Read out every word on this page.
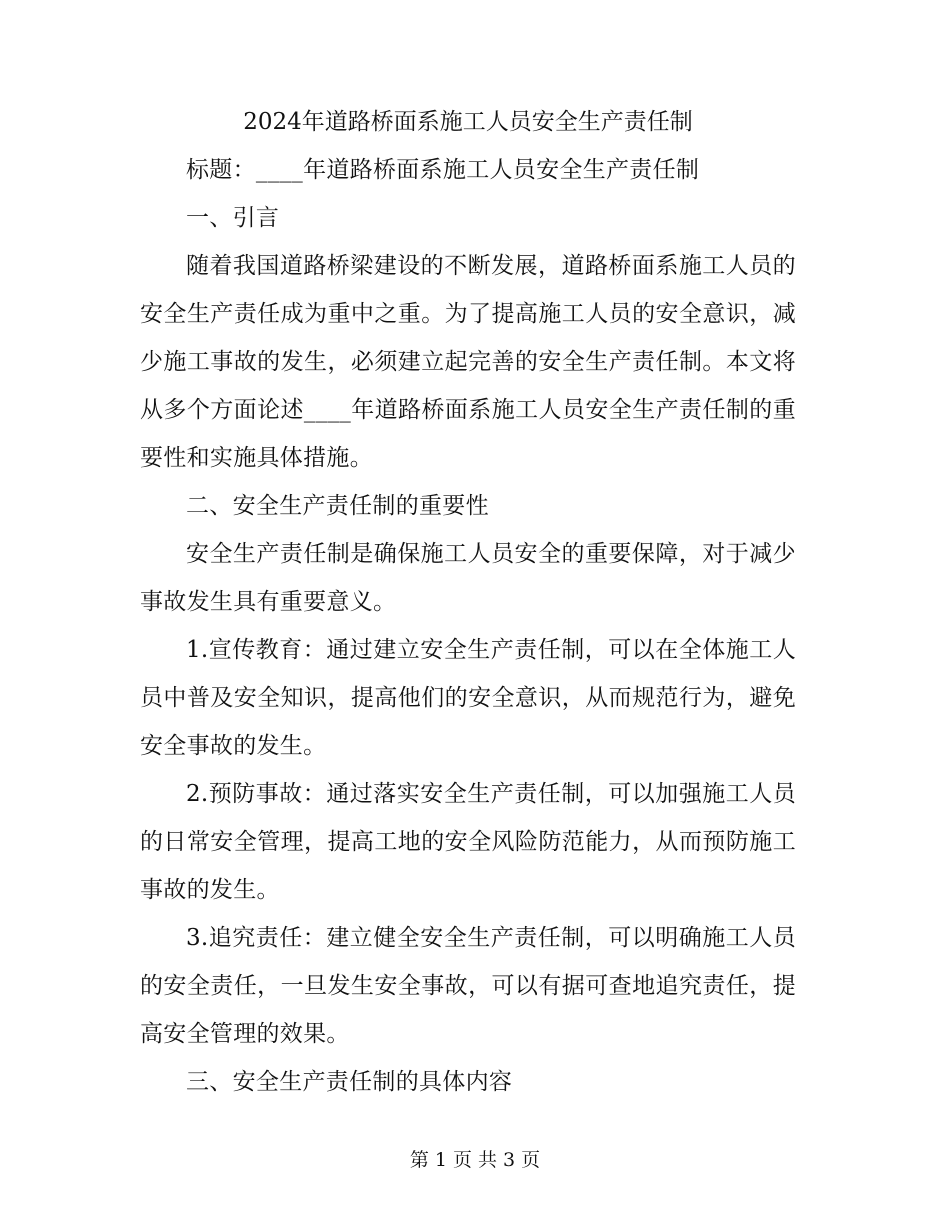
2024年道路桥面系施工人员安全生产责任制

标题：____年道路桥面系施工人员安全生产责任制

一、引言

随着我国道路桥梁建设的不断发展，道路桥面系施工人员的安全生产责任成为重中之重。为了提高施工人员的安全意识，减少施工事故的发生，必须建立起完善的安全生产责任制。本文将从多个方面论述____年道路桥面系施工人员安全生产责任制的重要性和实施具体措施。

二、安全生产责任制的重要性

安全生产责任制是确保施工人员安全的重要保障，对于减少事故发生具有重要意义。

1.宣传教育：通过建立安全生产责任制，可以在全体施工人员中普及安全知识，提高他们的安全意识，从而规范行为，避免安全事故的发生。

2.预防事故：通过落实安全生产责任制，可以加强施工人员的日常安全管理，提高工地的安全风险防范能力，从而预防施工事故的发生。

3.追究责任：建立健全安全生产责任制，可以明确施工人员的安全责任，一旦发生安全事故，可以有据可查地追究责任，提高安全管理的效果。

三、安全生产责任制的具体内容

第 1 页 共 3 页
